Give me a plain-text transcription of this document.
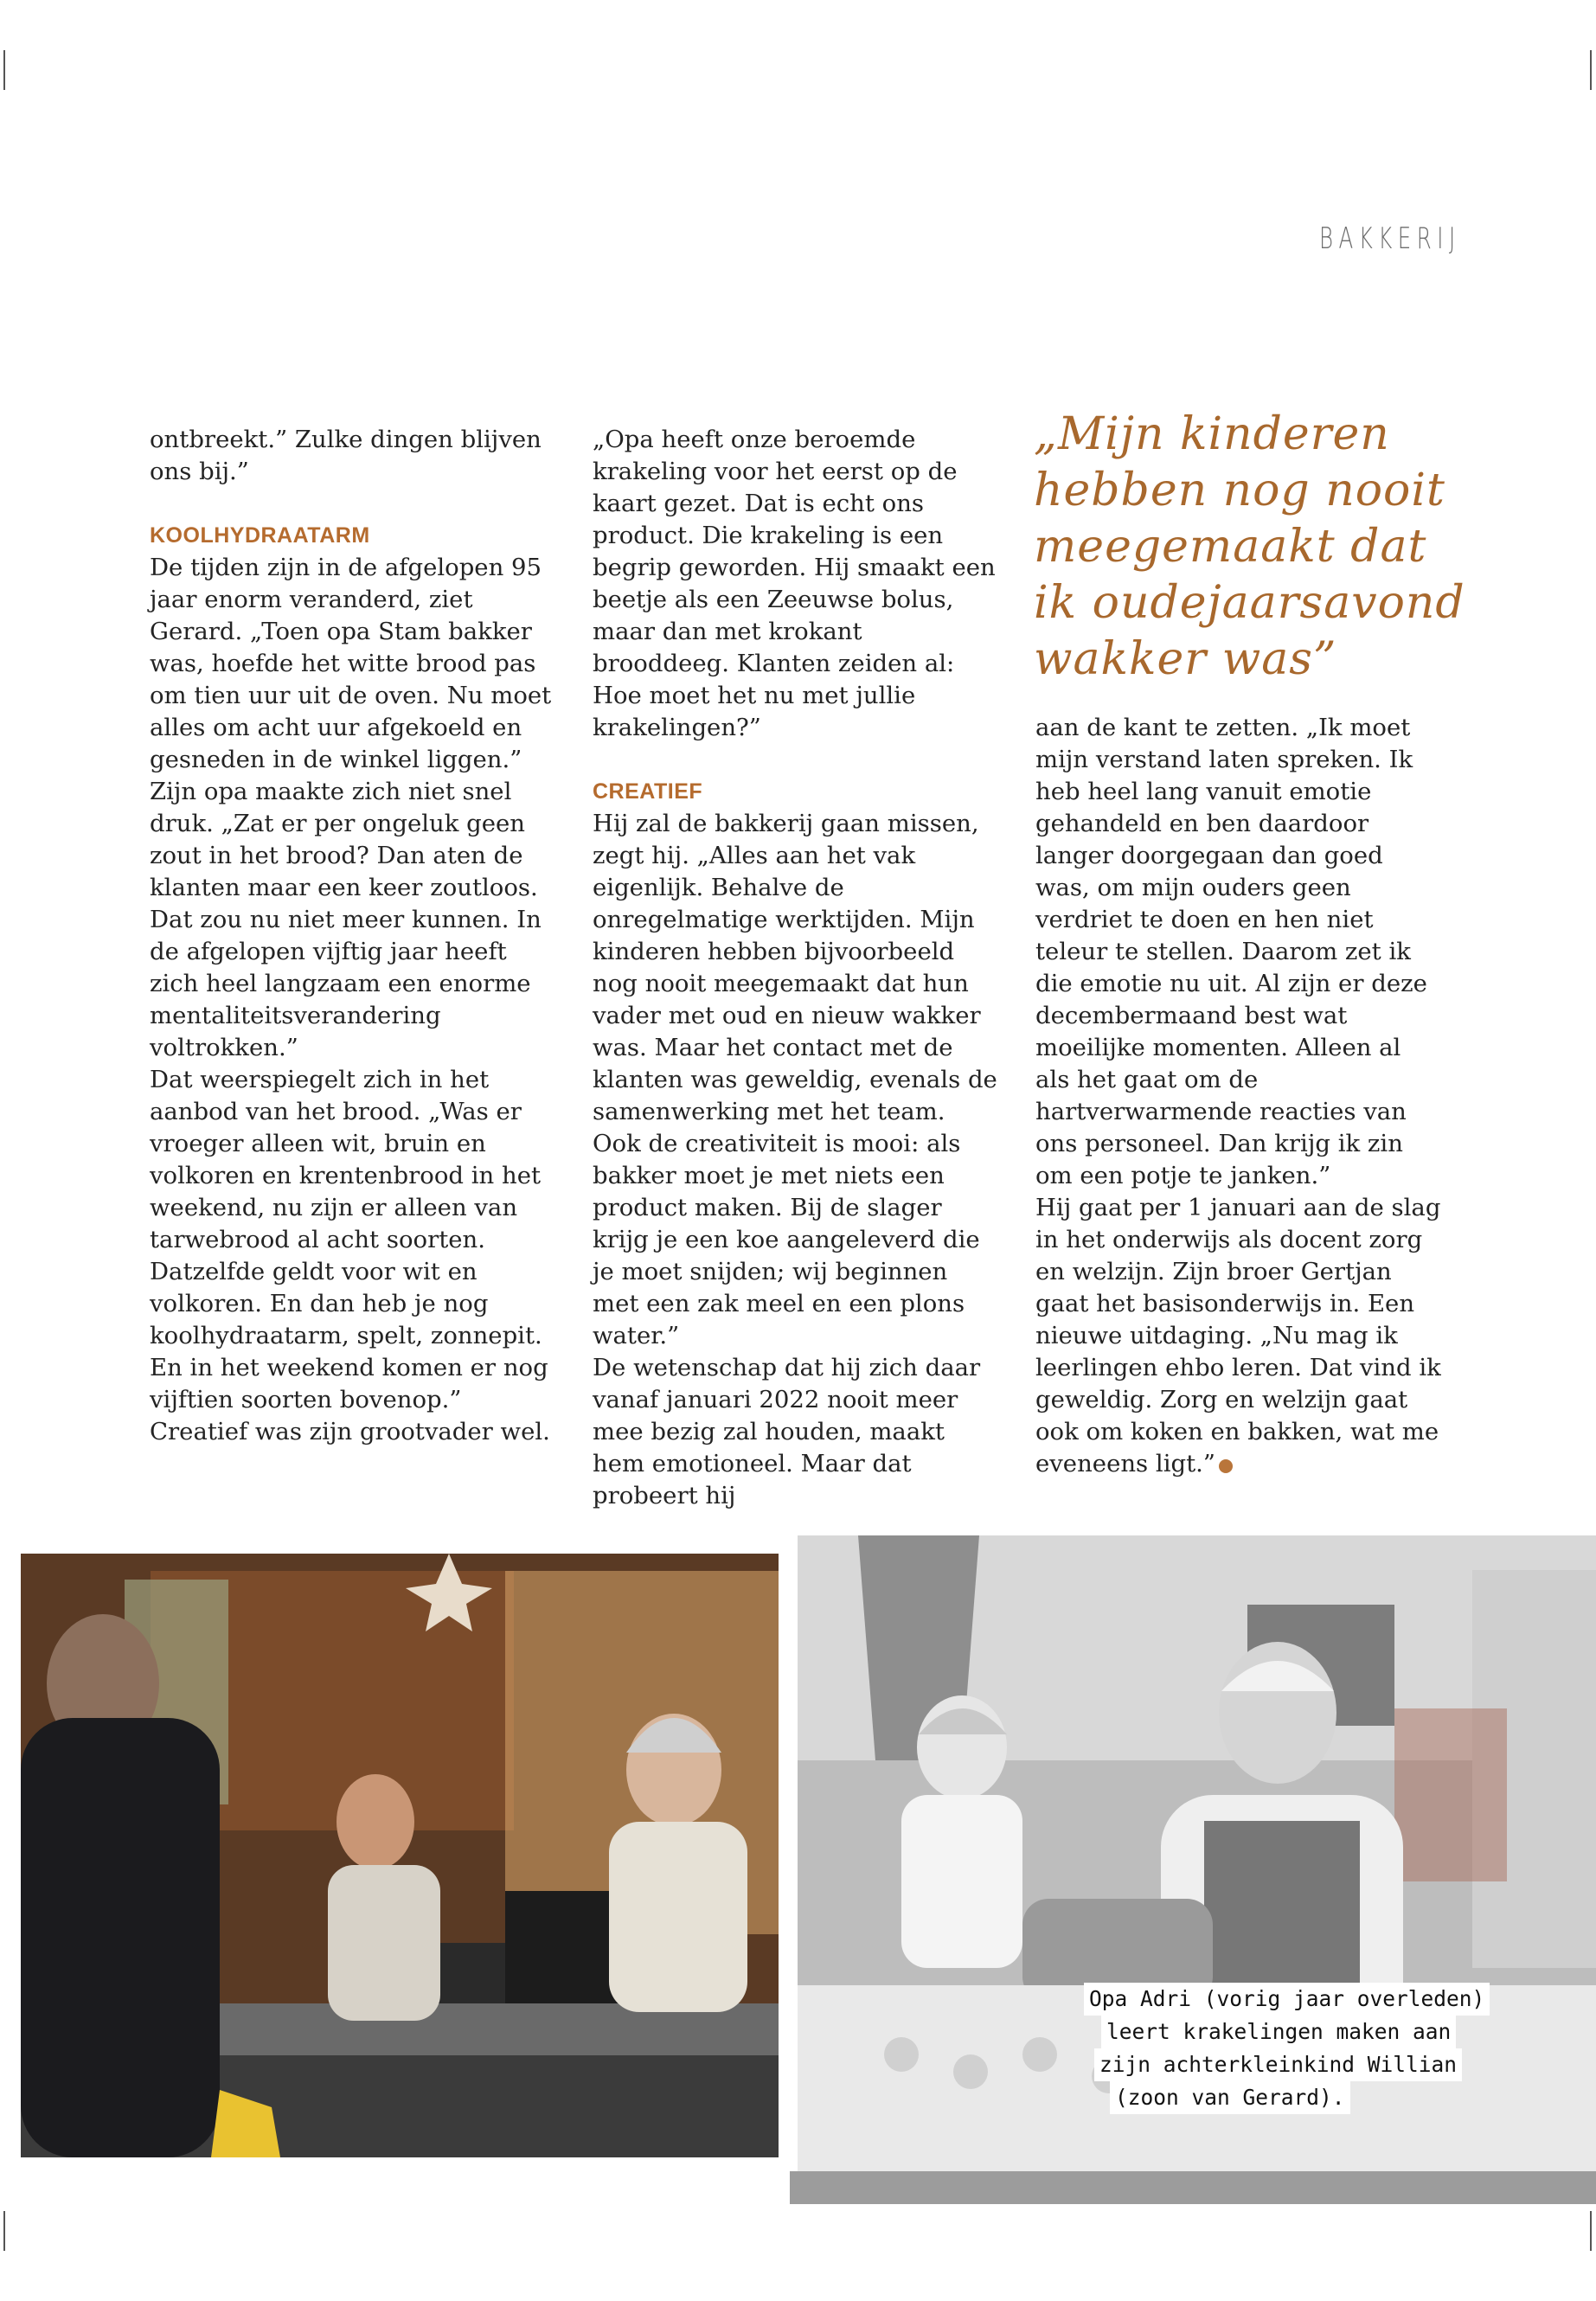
BAKKERIJ

ontbreekt.” Zulke dingen blijven ons bij.”

KOOLHYDRAATARM

De tijden zijn in de afgelopen 95 jaar enorm veranderd, ziet Gerard. „Toen opa Stam bakker was, hoefde het witte brood pas om tien uur uit de oven. Nu moet alles om acht uur afgekoeld en gesneden in de winkel liggen.”

Zijn opa maakte zich niet snel druk. „Zat er per ongeluk geen zout in het brood? Dan aten de klanten maar een keer zoutloos. Dat zou nu niet meer kunnen. In de afgelopen vijftig jaar heeft zich heel langzaam een enorme mentaliteitsverandering voltrokken.”

Dat weerspiegelt zich in het aanbod van het brood. „Was er vroeger alleen wit, bruin en volkoren en krentenbrood in het weekend, nu zijn er alleen van tarwebrood al acht soorten. Datzelfde geldt voor wit en volkoren. En dan heb je nog koolhydraatarm, spelt, zonnepit. En in het weekend komen er nog vijftien soorten bovenop.”

Creatief was zijn grootvader wel.

„Opa heeft onze beroemde krakeling voor het eerst op de kaart gezet. Dat is echt ons product. Die krakeling is een begrip geworden. Hij smaakt een beetje als een Zeeuwse bolus, maar dan met krokant brooddeeg. Klanten zeiden al: Hoe moet het nu met jullie krakelingen?”

CREATIEF

Hij zal de bakkerij gaan missen, zegt hij. „Alles aan het vak eigenlijk. Behalve de onregelmatige werktijden. Mijn kinderen hebben bijvoorbeeld nog nooit meegemaakt dat hun vader met oud en nieuw wakker was. Maar het contact met de klanten was geweldig, evenals de samenwerking met het team. Ook de creativiteit is mooi: als bakker moet je met niets een product maken. Bij de slager krijg je een koe aangeleverd die je moet snijden; wij beginnen met een zak meel en een plons water.”

De wetenschap dat hij zich daar vanaf januari 2022 nooit meer mee bezig zal houden, maakt hem emotioneel. Maar dat probeert hij

„Mijn kinderen hebben nog nooit meegemaakt dat ik oudejaarsavond wakker was”

aan de kant te zetten. „Ik moet mijn verstand laten spreken. Ik heb heel lang vanuit emotie gehandeld en ben daardoor langer doorgegaan dan goed was, om mijn ouders geen verdriet te doen en hen niet teleur te stellen. Daarom zet ik die emotie nu uit. Al zijn er deze decembermaand best wat moeilijke momenten. Alleen al als het gaat om de hartverwarmende reacties van ons personeel. Dan krijg ik zin om een potje te janken.”

Hij gaat per 1 januari aan de slag in het onderwijs als docent zorg en welzijn. Zijn broer Gertjan gaat het basisonderwijs in. Een nieuwe uitdaging. „Nu mag ik leerlingen ehbo leren. Dat vind ik geweldig. Zorg en welzijn gaat ook om koken en bakken, wat me eveneens ligt.”

Opa Adri (vorig jaar overleden)
leert krakelingen maken aan
zijn achterkleinkind Willian
(zoon van Gerard).
